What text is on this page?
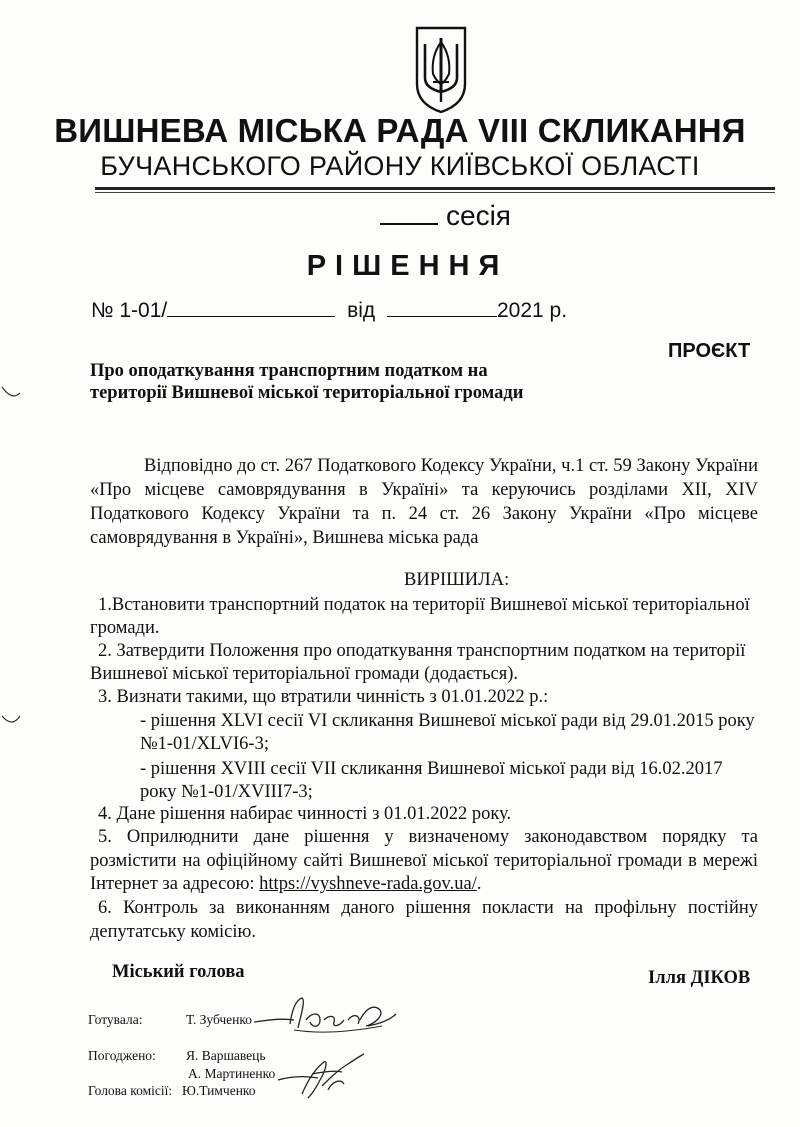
ВИШНЕВА МІСЬКА РАДА VIII СКЛИКАННЯ
БУЧАНСЬКОГО РАЙОНУ КИЇВСЬКОЇ ОБЛАСТІ
сесія
РІШЕННЯ
№ 1-01/	від	2021 р.
ПРОЄКТ
Про оподаткування транспортним податком на території Вишневої міської територіальної громади
Відповідно до ст. 267 Податкового Кодексу України, ч.1 ст. 59 Закону України «Про місцеве самоврядування в Україні» та керуючись розділами XII, XIV Податкового Кодексу України та п. 24 ст. 26 Закону України «Про місцеве самоврядування в Україні», Вишнева міська рада
ВИРІШИЛА:
1.Встановити транспортний податок на території Вишневої міської територіальної громади.
2. Затвердити Положення про оподаткування транспортним податком на території Вишневої міської територіальної громади (додається).
3. Визнати такими, що втратили чинність з 01.01.2022 р.:
- рішення XLVI сесії VI скликання Вишневої міської ради від 29.01.2015 року №1-01/XLVI6-3;
- рішення XVIII сесії VII скликання Вишневої міської ради від 16.02.2017 року №1-01/XVIII7-3;
4. Дане рішення набирає чинності з 01.01.2022 року.
5. Оприлюднити дане рішення у визначеному законодавством порядку та розмістити на офіційному сайті Вишневої міської територіальної громади в мережі Інтернет за адресою: https://vyshneve-rada.gov.ua/.
6. Контроль за виконанням даного рішення покласти на профільну постійну депутатську комісію.
Міський голова	Ілля ДІКОВ
Готувала:	Т. Зубченко
Погоджено: Я. Варшавець
А. Мартиненко
Голова комісії: Ю.Тимченко
